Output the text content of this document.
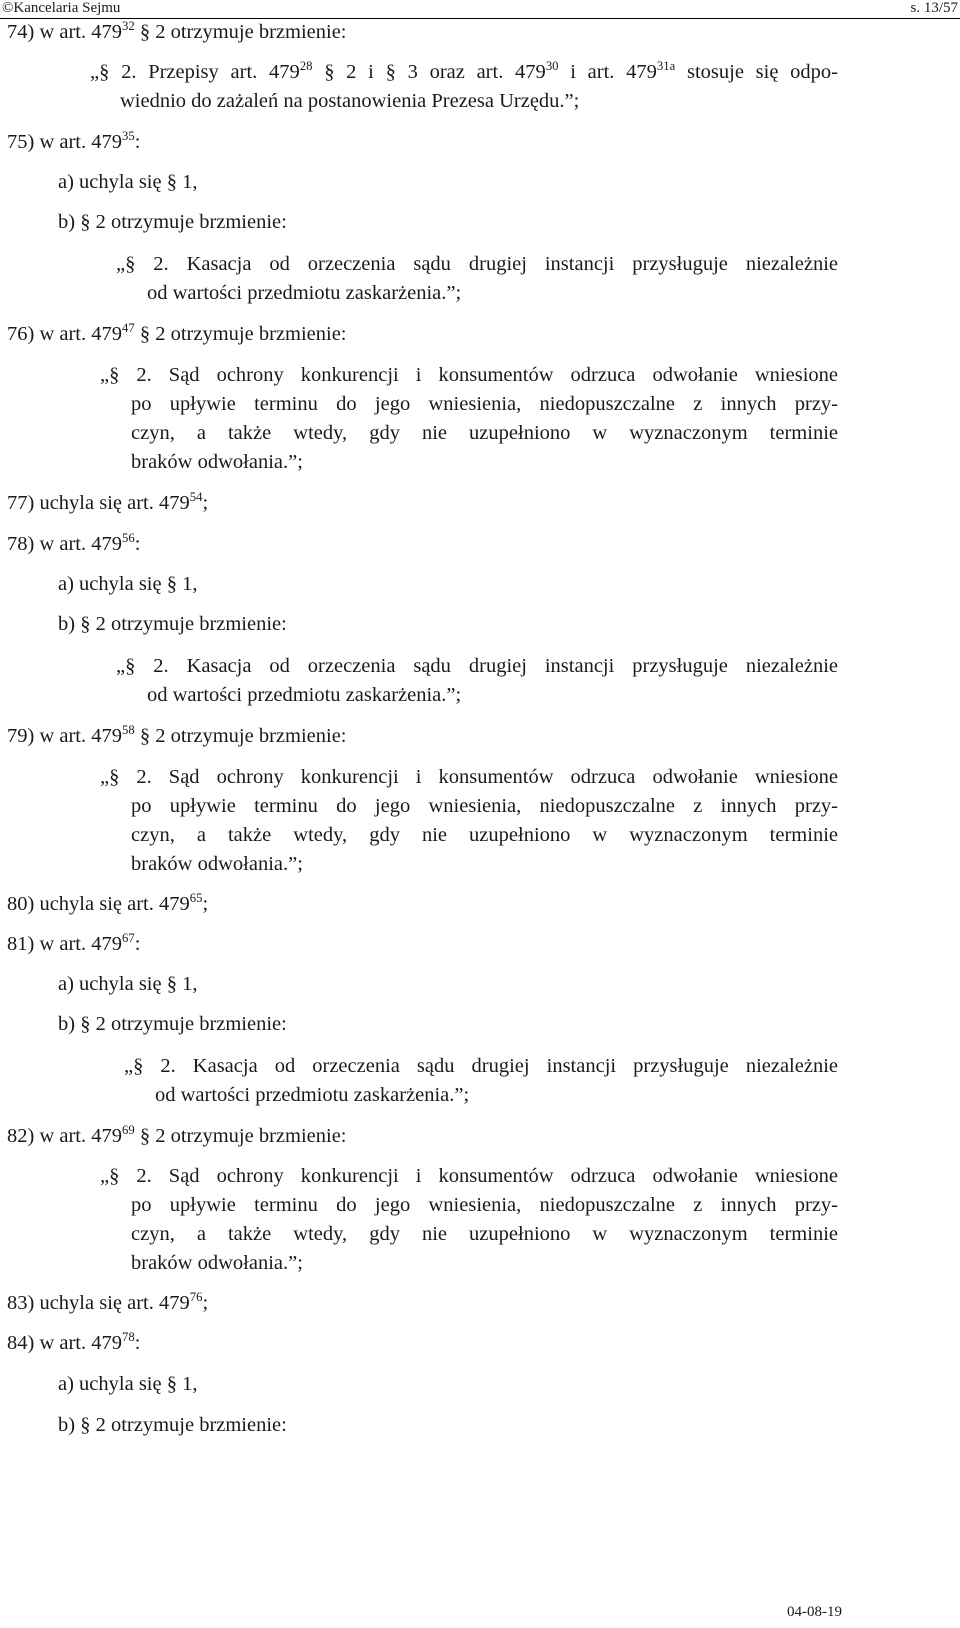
©Kancelaria Sejmu	s. 13/57
74) w art. $479^{32}$ § 2 otrzymuje brzmienie:
„§ 2. Przepisy art. $479^{28}$ § 2 i § 3 oraz art. $479^{30}$ i art. $479^{31a}$ stosuje się odpo-
wiednio do zażaleń na postanowienia Prezesa Urzędu.”;
75) w art. $479^{35}$:
a) uchyla się § 1,
b) § 2 otrzymuje brzmienie:
„§ 2. Kasacja od orzeczenia sądu drugiej instancji przysługuje niezależnie
od wartości przedmiotu zaskarżenia.”;
76) w art. $479^{47}$ § 2 otrzymuje brzmienie:
„§ 2. Sąd ochrony konkurencji i konsumentów odrzuca odwołanie wniesione
po upływie terminu do jego wniesienia, niedopuszczalne z innych przy-
czyn, a także wtedy, gdy nie uzupełniono w wyznaczonym terminie
braków odwołania.”;
77) uchyla się art. $479^{54}$;
78) w art. $479^{56}$:
a) uchyla się § 1,
b) § 2 otrzymuje brzmienie:
„§ 2. Kasacja od orzeczenia sądu drugiej instancji przysługuje niezależnie
od wartości przedmiotu zaskarżenia.”;
79) w art. $479^{58}$ § 2 otrzymuje brzmienie:
„§ 2. Sąd ochrony konkurencji i konsumentów odrzuca odwołanie wniesione
po upływie terminu do jego wniesienia, niedopuszczalne z innych przy-
czyn, a także wtedy, gdy nie uzupełniono w wyznaczonym terminie
braków odwołania.”;
80) uchyla się art. $479^{65}$;
81) w art. $479^{67}$:
a) uchyla się § 1,
b) § 2 otrzymuje brzmienie:
„§ 2. Kasacja od orzeczenia sądu drugiej instancji przysługuje niezależnie
od wartości przedmiotu zaskarżenia.”;
82) w art. $479^{69}$ § 2 otrzymuje brzmienie:
„§ 2. Sąd ochrony konkurencji i konsumentów odrzuca odwołanie wniesione
po upływie terminu do jego wniesienia, niedopuszczalne z innych przy-
czyn, a także wtedy, gdy nie uzupełniono w wyznaczonym terminie
braków odwołania.”;
83) uchyla się art. $479^{76}$;
84) w art. $479^{78}$:
a) uchyla się § 1,
b) § 2 otrzymuje brzmienie:
04-08-19
